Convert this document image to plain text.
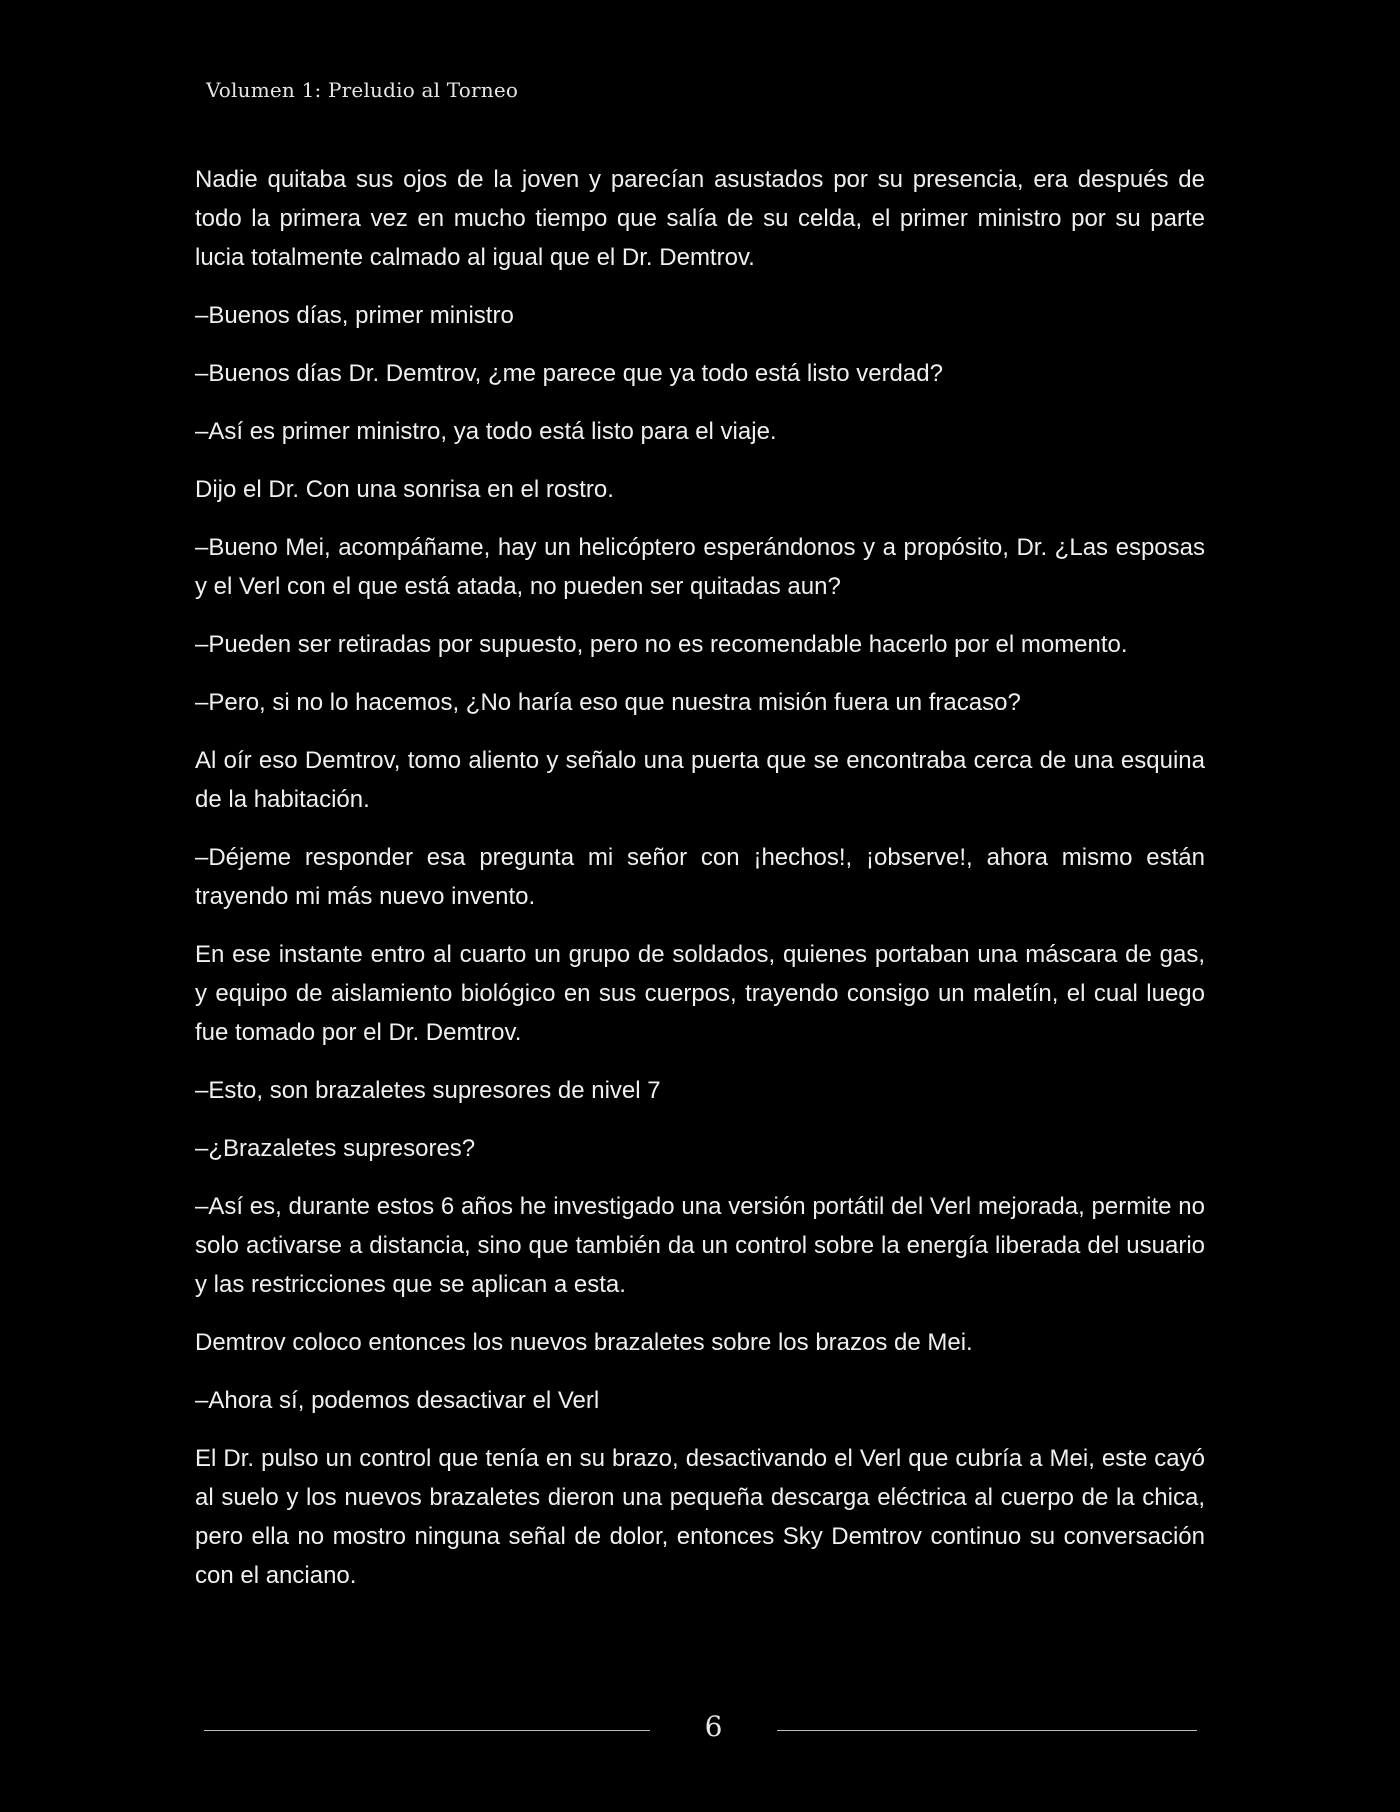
Volumen 1: Preludio al Torneo

Nadie quitaba sus ojos de la joven y parecían asustados por su presencia, era después de todo la primera vez en mucho tiempo que salía de su celda, el primer ministro por su parte lucia totalmente calmado al igual que el Dr. Demtrov.

–Buenos días, primer ministro

–Buenos días Dr. Demtrov, ¿me parece que ya todo está listo verdad?

–Así es primer ministro, ya todo está listo para el viaje.

Dijo el Dr. Con una sonrisa en el rostro.

–Bueno Mei, acompáñame, hay un helicóptero esperándonos y a propósito, Dr. ¿Las esposas y el Verl con el que está atada, no pueden ser quitadas aun?

–Pueden ser retiradas por supuesto, pero no es recomendable hacerlo por el momento.

–Pero, si no lo hacemos, ¿No haría eso que nuestra misión fuera un fracaso?

Al oír eso Demtrov, tomo aliento y señalo una puerta que se encontraba cerca de una esquina de la habitación.

–Déjeme responder esa pregunta mi señor con ¡hechos!, ¡observe!, ahora mismo están trayendo mi más nuevo invento.

En ese instante entro al cuarto un grupo de soldados, quienes portaban una máscara de gas, y equipo de aislamiento biológico en sus cuerpos, trayendo consigo un maletín, el cual luego fue tomado por el Dr. Demtrov.

–Esto, son brazaletes supresores de nivel 7

–¿Brazaletes supresores?

–Así es, durante estos 6 años he investigado una versión portátil del Verl mejorada, permite no solo activarse a distancia, sino que también da un control sobre la energía liberada del usuario y las restricciones que se aplican a esta.

Demtrov coloco entonces los nuevos brazaletes sobre los brazos de Mei.

–Ahora sí, podemos desactivar el Verl

El Dr. pulso un control que tenía en su brazo, desactivando el Verl que cubría a Mei, este cayó al suelo y los nuevos brazaletes dieron una pequeña descarga eléctrica al cuerpo de la chica, pero ella no mostro ninguna señal de dolor, entonces Sky Demtrov continuo su conversación con el anciano.

6
